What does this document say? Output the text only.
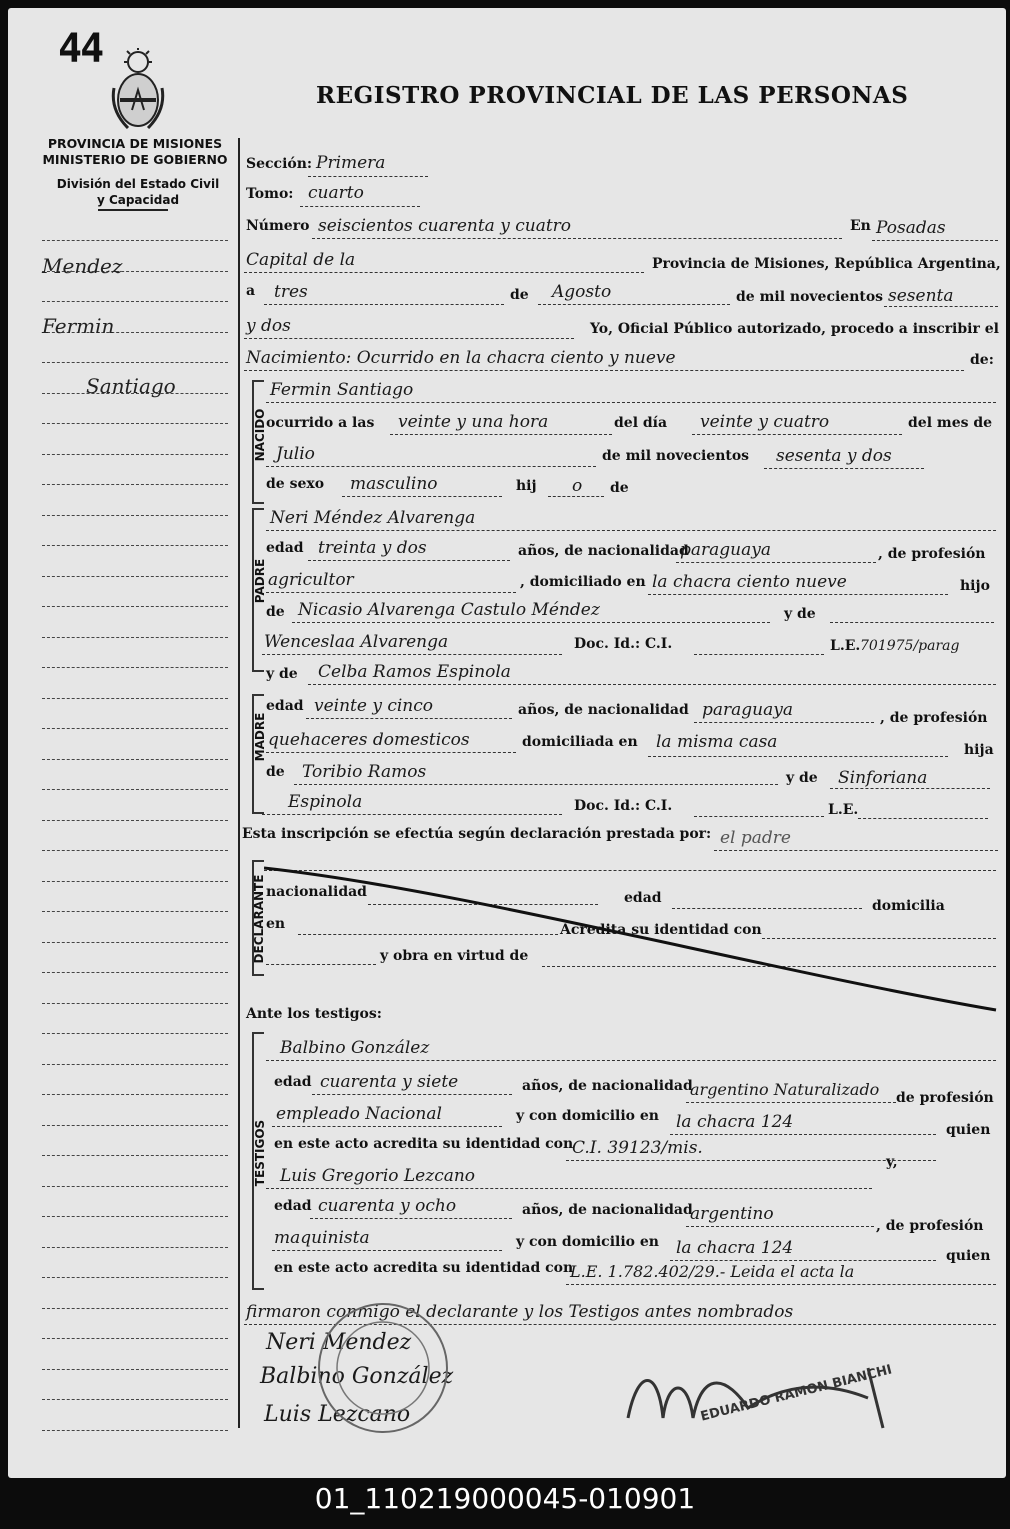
44
REGISTRO PROVINCIAL DE LAS PERSONAS
PROVINCIA DE MISIONES
MINISTERIO DE GOBIERNO
División del Estado Civil
y Capacidad
Mendez
Fermin
Santiago
Sección: Primera
Tomo: cuarto
Número seiscientos cuarenta y cuatro	En Posadas
Capital de la	Provincia de Misiones, República Argentina,
a tres	de Agosto	de mil novecientos sesenta
y dos	Yo, Oficial Público autorizado, procedo a inscribir el
Nacimiento: Ocurrido en la chacra ciento y nueve	de:
NACIDO
Fermin Santiago
ocurrido a las veinte y una hora	del día veinte y cuatro	del mes de
Julio	de mil novecientos sesenta y dos
de sexo masculino	hij o de
PADRE
Neri Méndez Alvarenga
edad treinta y dos	años, de nacionalidad
paraguaya	, de profesión
agricultor	, domiciliado en la chacra ciento nueve	hijo
de Nicasio Alvarenga Castulo Méndez	y de
Wenceslaa Alvarenga	Doc. Id.: C.I.	L.E. 701975/parag
y de Celba Ramos Espinola
MADRE
edad veinte y cinco	años, de nacionalidad paraguaya	, de profesión
quehaceres domesticos	domiciliada en la misma casa	hija
de Toribio Ramos	y de Sinforiana
Espinola	Doc. Id.: C.I.	L.E.
Esta inscripción se efectúa según declaración prestada por: el padre
DECLARANTE nacionalidad	edad	domicilia
en	Acredita su identidad con
y obra en virtud de
Ante los testigos:
TESTIGOS
Balbino González
edad cuarenta y siete	años, de nacionalidad
argentino Naturalizado de profesión
empleado Nacional	y con domicilio en la chacra 124	quien
en este acto acredita su identidad con
C.I. 39123/mis.
Luis Gregorio Lezcano
y,
edad cuarenta y ocho	años, de nacionalidad
argentino
, de profesión
maquinista	y con domicilio en la chacra 124	quien
en este acto acredita su identidad con
L.E. 1.782.402/29.- Leida el acta la
firmaron conmigo el declarante y los Testigos antes nombrados
Neri Mendez
Balbino González
Luis Lezcano	EDUARDO RAMON BIANCHI
01_110219000045-010901
